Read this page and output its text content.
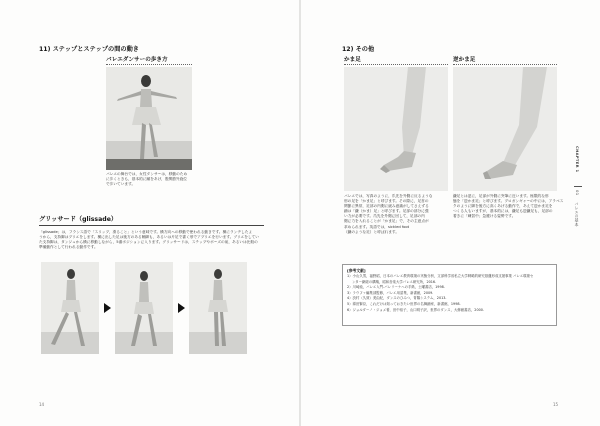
11) ステップとステップの間の動き
バレエダンサーの歩き方
バレエの舞台では，女性ダンサーは，移動のため
に歩くときも，基本的に踵をあげ，股関節外旋位
で歩いています。
グリッサード（glissade）
「glissade」は，フランス語で「スリップ，滑ること」という意味です。横方向への移動で使われる動きです。横にランヂしたよ
うから，支持脚はプリエをします。横に出した足は後方のある軸脚も，あるいは片足で書く形でアプリエを行います。ブリエをしてい
た支持脚は，タンジュから横に移動しながら，5番ポジションに入ります。グリッサードは，ステップやポーズの前，あるいは比較の
準備動作として行われる動作です。
14
12) その他
かま足	逆かま足
バレエでは，写真のように，爪先を外側に反るような
形の足を「かま足」と呼びます。その際に，足首の
関節に異常，足部の内側に緩み意識がしてさえずる
踊は「鎌（かま）足」と呼びます。足部の部分に強
い力が必要です。爪先を外側に回して，足部の内
側に力を入れることが「かま足」で，その主意点が
求められます。英語では，sickled foot
（鎌のような足）と呼ばれます。
鎌足とは逆に，足部が外側に突筆に近います。極限的な形
態を「逆かま足」と呼びます。プロガンギャーの中には，アラベス
クのように脚を後方に高くあげる動作で，あえて逆かま足を
つくる人もいますが，基本的には，鎌足も逆鎌足も，足部の
着きに「練習中」急避ける姿勢です。
[参考文献]
1）小山久男，福野昭，日本のバレエ教育環境の実態分析，文部科学省私立大学戦略的研究基盤形成支援事業 バレエ環境セ
ンター網総の構築，昭和音楽大学バレエ研究所，2016.
2）川崎純，バレエ入門-バレリーナへの手紙，土曜書店，1998.
3）ラウファ編集部監修，バレエ用語集，新書館，2009.
4）渋村（久賀）美由紀，ダンスのひみつ，青陽システム，2013.
5）薄田賢臣，これだけは知っておきたい世界の名舞踊家，新書館，1998.
6）ジョルダーノ・ジョメ著，田中裕子，山口明子訳，世界のダンス，大修館書店，2000.
CHAPTER 1
01
バレエの基本
15
